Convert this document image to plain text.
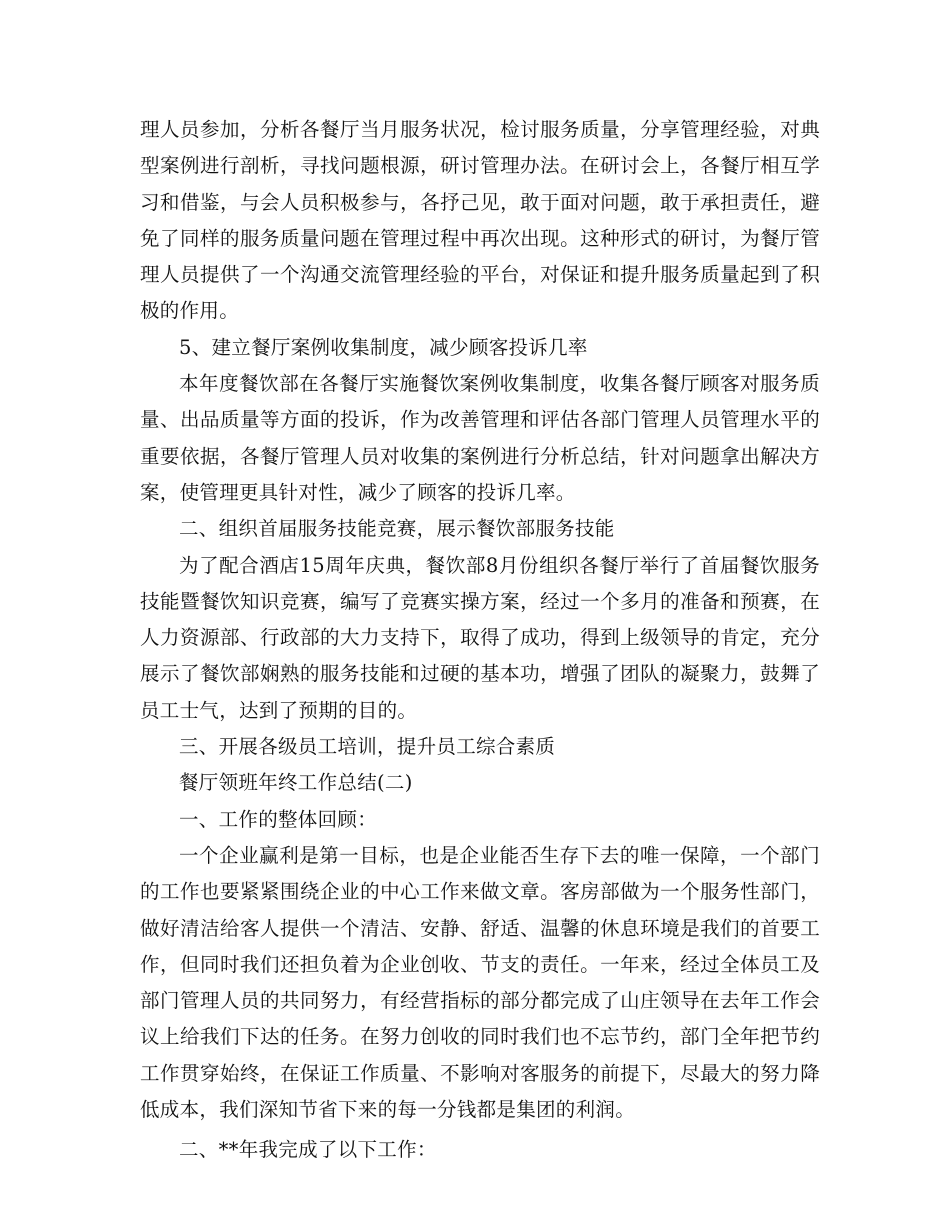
理人员参加，分析各餐厅当月服务状况，检讨服务质量，分享管理经验，对典型案例进行剖析，寻找问题根源，研讨管理办法。在研讨会上，各餐厅相互学习和借鉴，与会人员积极参与，各抒己见，敢于面对问题，敢于承担责任，避免了同样的服务质量问题在管理过程中再次出现。这种形式的研讨，为餐厅管理人员提供了一个沟通交流管理经验的平台，对保证和提升服务质量起到了积极的作用。

5、建立餐厅案例收集制度，减少顾客投诉几率

本年度餐饮部在各餐厅实施餐饮案例收集制度，收集各餐厅顾客对服务质量、出品质量等方面的投诉，作为改善管理和评估各部门管理人员管理水平的重要依据，各餐厅管理人员对收集的案例进行分析总结，针对问题拿出解决方案，使管理更具针对性，减少了顾客的投诉几率。

二、组织首届服务技能竞赛，展示餐饮部服务技能

为了配合酒店15周年庆典，餐饮部8月份组织各餐厅举行了首届餐饮服务技能暨餐饮知识竞赛，编写了竞赛实操方案，经过一个多月的准备和预赛，在人力资源部、行政部的大力支持下，取得了成功，得到上级领导的肯定，充分展示了餐饮部娴熟的服务技能和过硬的基本功，增强了团队的凝聚力，鼓舞了员工士气，达到了预期的目的。

三、开展各级员工培训，提升员工综合素质

餐厅领班年终工作总结(二)

一、工作的整体回顾：

一个企业赢利是第一目标，也是企业能否生存下去的唯一保障，一个部门的工作也要紧紧围绕企业的中心工作来做文章。客房部做为一个服务性部门，做好清洁给客人提供一个清洁、安静、舒适、温馨的休息环境是我们的首要工作，但同时我们还担负着为企业创收、节支的责任。一年来，经过全体员工及部门管理人员的共同努力，有经营指标的部分都完成了山庄领导在去年工作会议上给我们下达的任务。在努力创收的同时我们也不忘节约，部门全年把节约工作贯穿始终，在保证工作质量、不影响对客服务的前提下，尽最大的努力降低成本，我们深知节省下来的每一分钱都是集团的利润。

二、**年我完成了以下工作：
